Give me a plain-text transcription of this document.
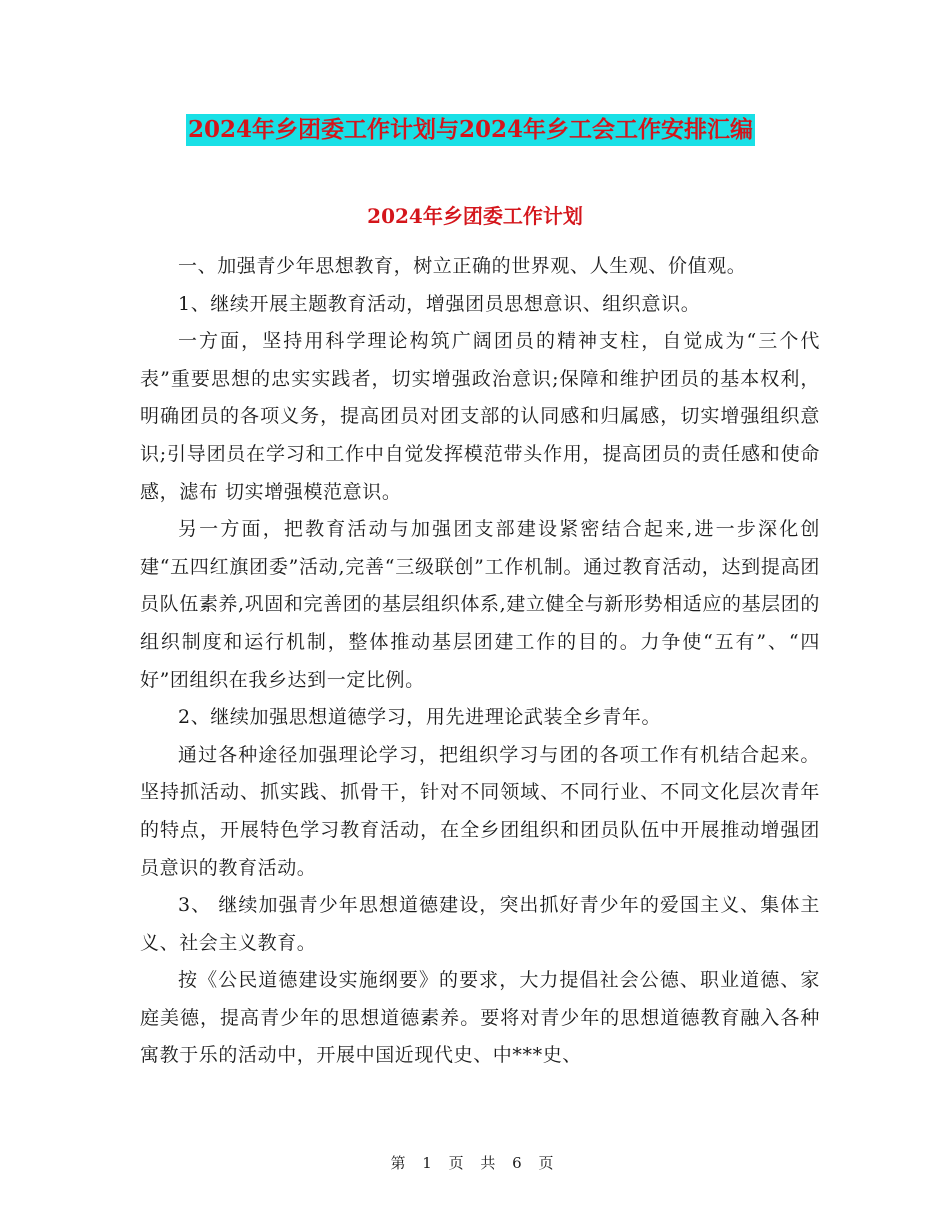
2024年乡团委工作计划与2024年乡工会工作安排汇编
2024年乡团委工作计划

一、加强青少年思想教育，树立正确的世界观、人生观、价值观。

1、继续开展主题教育活动，增强团员思想意识、组织意识。

一方面，坚持用科学理论构筑广阔团员的精神支柱，自觉成为“三个代表”重要思想的忠实实践者，切实增强政治意识;保障和维护团员的基本权利，明确团员的各项义务，提高团员对团支部的认同感和归属感，切实增强组织意识;引导团员在学习和工作中自觉发挥模范带头作用，提高团员的责任感和使命感，滤布 切实增强模范意识。

另一方面，把教育活动与加强团支部建设紧密结合起来,进一步深化创建“五四红旗团委”活动,完善“三级联创”工作机制。通过教育活动，达到提高团员队伍素养,巩固和完善团的基层组织体系,建立健全与新形势相适应的基层团的组织制度和运行机制，整体推动基层团建工作的目的。力争使“五有”、“四好”团组织在我乡达到一定比例。

2、继续加强思想道德学习，用先进理论武装全乡青年。

通过各种途径加强理论学习，把组织学习与团的各项工作有机结合起来。坚持抓活动、抓实践、抓骨干，针对不同领域、不同行业、不同文化层次青年的特点，开展特色学习教育活动，在全乡团组织和团员队伍中开展推动增强团员意识的教育活动。

3、 继续加强青少年思想道德建设，突出抓好青少年的爱国主义、集体主义、社会主义教育。

按《公民道德建设实施纲要》的要求，大力提倡社会公德、职业道德、家庭美德，提高青少年的思想道德素养。要将对青少年的思想道德教育融入各种寓教于乐的活动中，开展中国近现代史、中***史、

第 1 页 共 6 页
